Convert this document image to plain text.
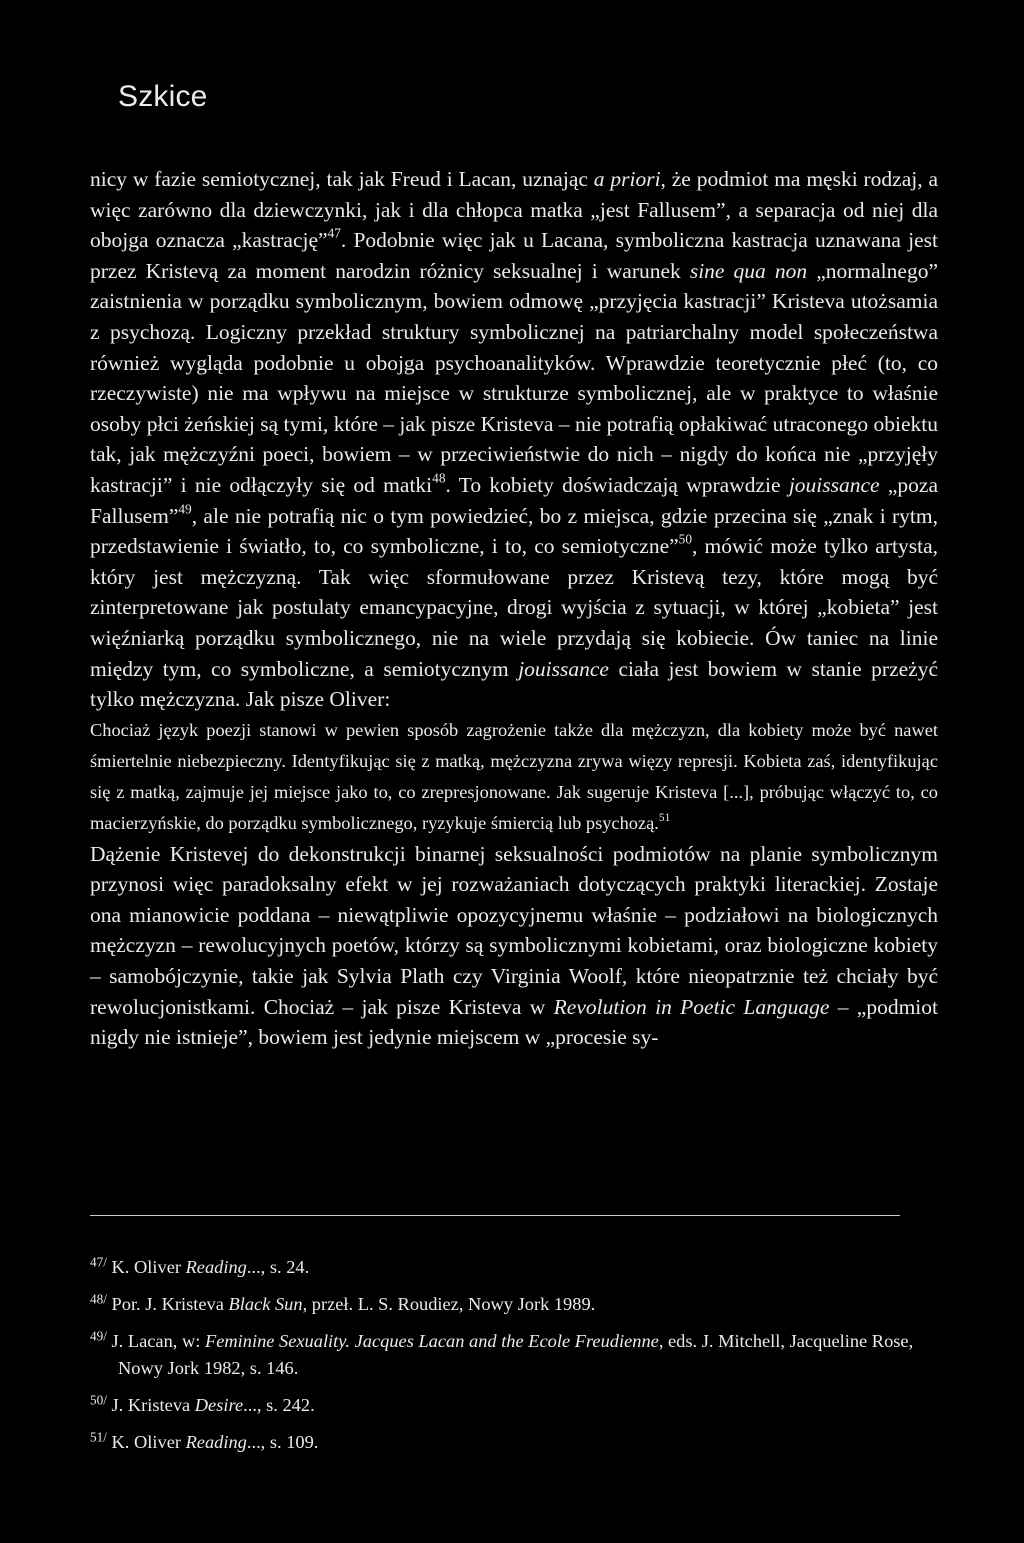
Szkice

nicy w fazie semiotycznej, tak jak Freud i Lacan, uznając a priori, że podmiot ma męski rodzaj, a więc zarówno dla dziewczynki, jak i dla chłopca matka „jest Fallusem”, a separacja od niej dla obojga oznacza „kastrację”$^{47}$. Podobnie więc jak u Lacana, symboliczna kastracja uznawana jest przez Kristevą za moment narodzin różnicy seksualnej i warunek sine qua non „normalnego” zaistnienia w porządku symbolicznym, bowiem odmowę „przyjęcia kastracji” Kristeva utożsamia z psychozą. Logiczny przekład struktury symbolicznej na patriarchalny model społeczeństwa również wygląda podobnie u obojga psychoanalityków. Wprawdzie teoretycznie płeć (to, co rzeczywiste) nie ma wpływu na miejsce w strukturze symbolicznej, ale w praktyce to właśnie osoby płci żeńskiej są tymi, które – jak pisze Kristeva – nie potrafią opłakiwać utraconego obiektu tak, jak mężczyźni poeci, bowiem – w przeciwieństwie do nich – nigdy do końca nie „przyjęły kastracji” i nie odłączyły się od matki$^{48}$. To kobiety doświadczają wprawdzie jouissance „poza Fallusem”$^{49}$, ale nie potrafią nic o tym powiedzieć, bo z miejsca, gdzie przecina się „znak i rytm, przedstawienie i światło, to, co symboliczne, i to, co semiotyczne”$^{50}$, mówić może tylko artysta, który jest mężczyzną. Tak więc sformułowane przez Kristevą tezy, które mogą być zinterpretowane jak postulaty emancypacyjne, drogi wyjścia z sytuacji, w której „kobieta” jest więźniarką porządku symbolicznego, nie na wiele przydają się kobiecie. Ów taniec na linie między tym, co symboliczne, a semiotycznym jouissance ciała jest bowiem w stanie przeżyć tylko mężczyzna. Jak pisze Oliver:

Chociaż język poezji stanowi w pewien sposób zagrożenie także dla mężczyzn, dla kobiety może być nawet śmiertelnie niebezpieczny. Identyfikując się z matką, mężczyzna zrywa więzy represji. Kobieta zaś, identyfikując się z matką, zajmuje jej miejsce jako to, co zrepresjonowane. Jak sugeruje Kristeva [...], próbując włączyć to, co macierzyńskie, do porządku symbolicznego, ryzykuje śmiercią lub psychozą.$^{51}$

Dążenie Kristevej do dekonstrukcji binarnej seksualności podmiotów na planie symbolicznym przynosi więc paradoksalny efekt w jej rozważaniach dotyczących praktyki literackiej. Zostaje ona mianowicie poddana – niewątpliwie opozycyjnemu właśnie – podziałowi na biologicznych mężczyzn – rewolucyjnych poetów, którzy są symbolicznymi kobietami, oraz biologiczne kobiety – samobójczynie, takie jak Sylvia Plath czy Virginia Woolf, które nieopatrznie też chciały być rewolucjonistkami. Chociaż – jak pisze Kristeva w Revolution in Poetic Language – „podmiot nigdy nie istnieje”, bowiem jest jedynie miejscem w „procesie sy-

$^{47/}$ K. Oliver Reading..., s. 24.

$^{48/}$ Por. J. Kristeva Black Sun, przeł. L. S. Roudiez, Nowy Jork 1989.

$^{49/}$ J. Lacan, w: Feminine Sexuality. Jacques Lacan and the Ecole Freudienne, eds. J. Mitchell, Jacqueline Rose, Nowy Jork 1982, s. 146.

$^{50/}$ J. Kristeva Desire..., s. 242.

$^{51/}$ K. Oliver Reading..., s. 109.
